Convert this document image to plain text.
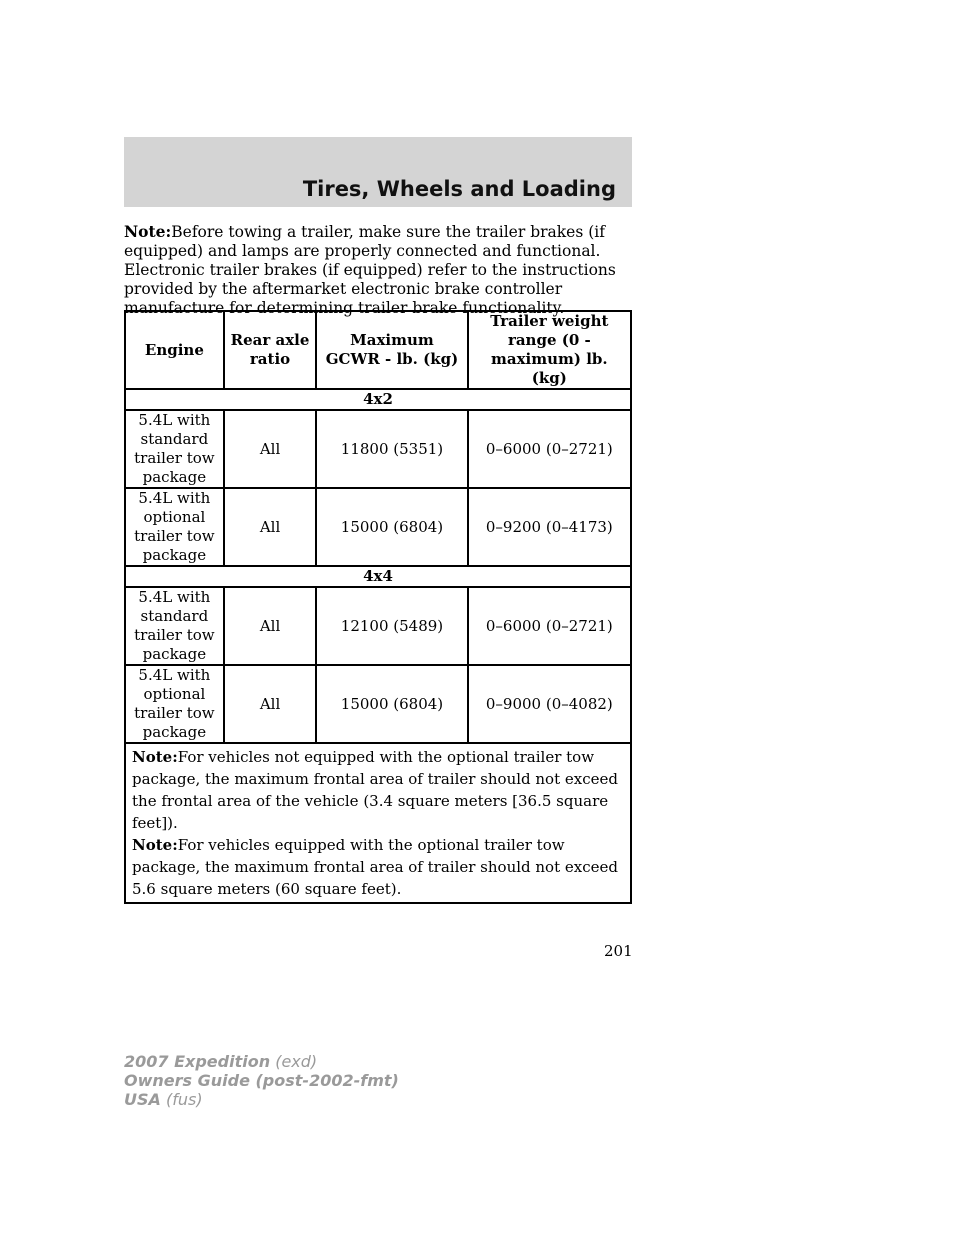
Tires, Wheels and Loading
Note:Before towing a trailer, make sure the trailer brakes (if equipped) and lamps are properly connected and functional. Electronic trailer brakes (if equipped) refer to the instructions provided by the aftermarket electronic brake controller manufacture for determining trailer brake functionality.
Engine	Rear axle ratio	Maximum GCWR - lb. (kg)	Trailer weight range (0 - maximum) lb. (kg)
4x2			
5.4L with standard trailer tow package	All	11800 (5351)	0–6000 (0–2721)
5.4L with optional trailer tow package	All	15000 (6804)	0–9200 (0–4173)
4x4			
5.4L with standard trailer tow package	All	12100 (5489)	0–6000 (0–2721)
5.4L with optional trailer tow package	All	15000 (6804)	0–9000 (0–4082)

Note:For vehicles not equipped with the optional trailer tow package, the maximum frontal area of trailer should not exceed the frontal area of the vehicle (3.4 square meters [36.5 square feet]).
Note:For vehicles equipped with the optional trailer tow package, the maximum frontal area of trailer should not exceed 5.6 square meters (60 square feet).			
201
2007 Expedition (exd)
Owners Guide (post-2002-fmt)
USA (fus)
